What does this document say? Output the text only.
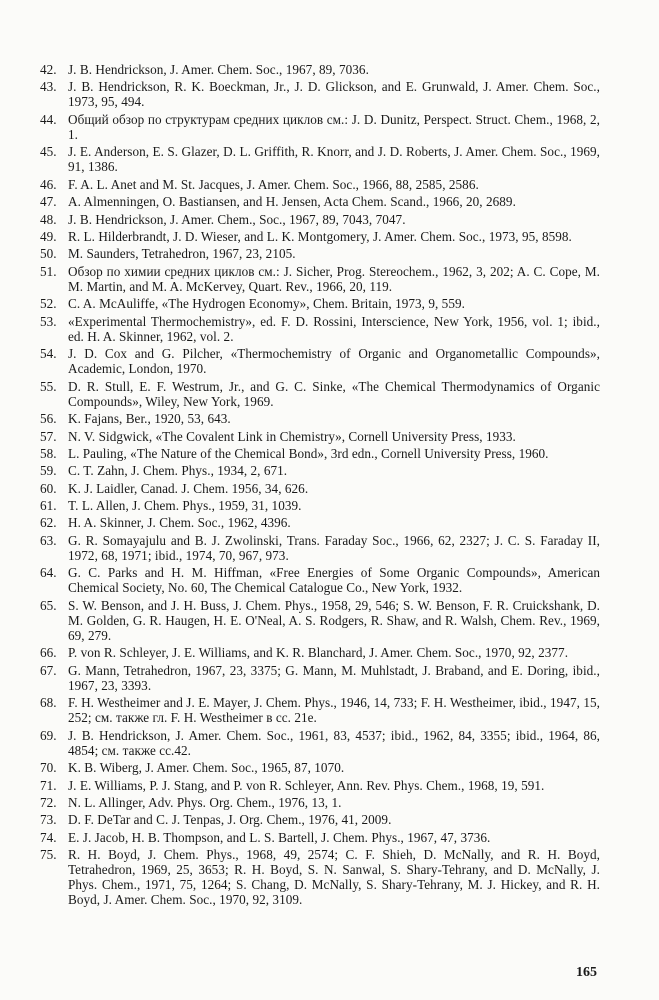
42. J. B. Hendrickson, J. Amer. Chem. Soc., 1967, 89, 7036.
43. J. B. Hendrickson, R. K. Boeckman, Jr., J. D. Glickson, and E. Grunwald, J. Amer. Chem. Soc., 1973, 95, 494.
44. Общий обзор по структурам средних циклов см.: J. D. Dunitz, Perspect. Struct. Chem., 1968, 2, 1.
45. J. E. Anderson, E. S. Glazer, D. L. Griffith, R. Knorr, and J. D. Roberts, J. Amer. Chem. Soc., 1969, 91, 1386.
46. F. A. L. Anet and M. St. Jacques, J. Amer. Chem. Soc., 1966, 88, 2585, 2586.
47. A. Almenningen, O. Bastiansen, and H. Jensen, Acta Chem. Scand., 1966, 20, 2689.
48. J. B. Hendrickson, J. Amer. Chem., Soc., 1967, 89, 7043, 7047.
49. R. L. Hilderbrandt, J. D. Wieser, and L. K. Montgomery, J. Amer. Chem. Soc., 1973, 95, 8598.
50. M. Saunders, Tetrahedron, 1967, 23, 2105.
51. Обзор по химии средних циклов см.: J. Sicher, Prog. Stereochem., 1962, 3, 202; A. C. Cope, M. M. Martin, and M. A. McKervey, Quart. Rev., 1966, 20, 119.
52. C. A. McAuliffe, «The Hydrogen Economy», Chem. Britain, 1973, 9, 559.
53. «Experimental Thermochemistry», ed. F. D. Rossini, Interscience, New York, 1956, vol. 1; ibid., ed. H. A. Skinner, 1962, vol. 2.
54. J. D. Cox and G. Pilcher, «Thermochemistry of Organic and Organometallic Compounds», Academic, London, 1970.
55. D. R. Stull, E. F. Westrum, Jr., and G. C. Sinke, «The Chemical Thermodynamics of Organic Compounds», Wiley, New York, 1969.
56. K. Fajans, Ber., 1920, 53, 643.
57. N. V. Sidgwick, «The Covalent Link in Chemistry», Cornell University Press, 1933.
58. L. Pauling, «The Nature of the Chemical Bond», 3rd edn., Cornell University Press, 1960.
59. C. T. Zahn, J. Chem. Phys., 1934, 2, 671.
60. K. J. Laidler, Canad. J. Chem. 1956, 34, 626.
61. T. L. Allen, J. Chem. Phys., 1959, 31, 1039.
62. H. A. Skinner, J. Chem. Soc., 1962, 4396.
63. G. R. Somayajulu and B. J. Zwolinski, Trans. Faraday Soc., 1966, 62, 2327; J. C. S. Faraday II, 1972, 68, 1971; ibid., 1974, 70, 967, 973.
64. G. C. Parks and H. M. Hiffman, «Free Energies of Some Organic Compounds», American Chemical Society, No. 60, The Chemical Catalogue Co., New York, 1932.
65. S. W. Benson, and J. H. Buss, J. Chem. Phys., 1958, 29, 546; S. W. Benson, F. R. Cruickshank, D. M. Golden, G. R. Haugen, H. E. O'Neal, A. S. Rodgers, R. Shaw, and R. Walsh, Chem. Rev., 1969, 69, 279.
66. P. von R. Schleyer, J. E. Williams, and K. R. Blanchard, J. Amer. Chem. Soc., 1970, 92, 2377.
67. G. Mann, Tetrahedron, 1967, 23, 3375; G. Mann, M. Muhlstadt, J. Braband, and E. Doring, ibid., 1967, 23, 3393.
68. F. H. Westheimer and J. E. Mayer, J. Chem. Phys., 1946, 14, 733; F. H. Westheimer, ibid., 1947, 15, 252; см. также гл. F. H. Westheimer в сс. 21е.
69. J. B. Hendrickson, J. Amer. Chem. Soc., 1961, 83, 4537; ibid., 1962, 84, 3355; ibid., 1964, 86, 4854; см. также сс.42.
70. K. B. Wiberg, J. Amer. Chem. Soc., 1965, 87, 1070.
71. J. E. Williams, P. J. Stang, and P. von R. Schleyer, Ann. Rev. Phys. Chem., 1968, 19, 591.
72. N. L. Allinger, Adv. Phys. Org. Chem., 1976, 13, 1.
73. D. F. DeTar and C. J. Tenpas, J. Org. Chem., 1976, 41, 2009.
74. E. J. Jacob, H. B. Thompson, and L. S. Bartell, J. Chem. Phys., 1967, 47, 3736.
75. R. H. Boyd, J. Chem. Phys., 1968, 49, 2574; C. F. Shieh, D. McNally, and R. H. Boyd, Tetrahedron, 1969, 25, 3653; R. H. Boyd, S. N. Sanwal, S. Shary-Tehrany, and D. McNally, J. Phys. Chem., 1971, 75, 1264; S. Chang, D. McNally, S. Shary-Tehrany, M. J. Hickey, and R. H. Boyd, J. Amer. Chem. Soc., 1970, 92, 3109.
165
